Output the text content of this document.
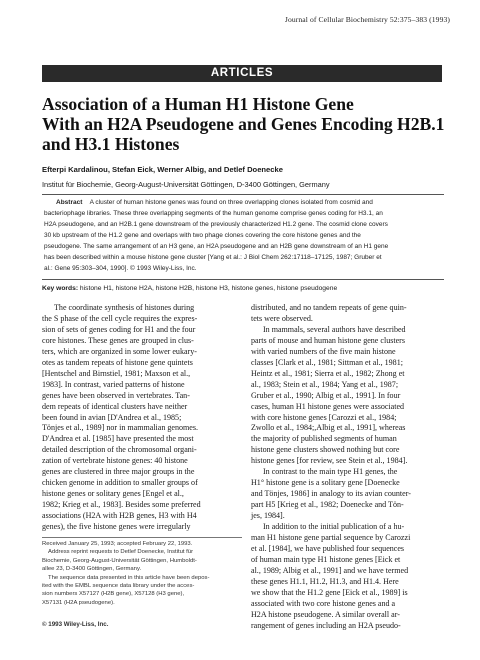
Journal of Cellular Biochemistry 52:375–383 (1993)
ARTICLES
Association of a Human H1 Histone Gene
With an H2A Pseudogene and Genes Encoding H2B.1
and H3.1 Histones
Efterpi Kardalinou, Stefan Eick, Werner Albig, and Detlef Doenecke
Institut für Biochemie, Georg-August-Universität Göttingen, D-3400 Göttingen, Germany
Abstract A cluster of human histone genes was found on three overlapping clones isolated from cosmid and
bacteriophage libraries. These three overlapping segments of the human genome comprise genes coding for H3.1, an
H2A pseudogene, and an H2B.1 gene downstream of the previously characterized H1.2 gene. The cosmid clone covers
30 kb upstream of the H1.2 gene and overlaps with two phage clones covering the core histone genes and the
pseudogene. The same arrangement of an H3 gene, an H2A pseudogene and an H2B gene downstream of an H1 gene
has been described within a mouse histone gene cluster [Yang et al.: J Biol Chem 262:17118–17125, 1987; Gruber et
al.: Gene 95:303–304, 1990]. © 1993 Wiley-Liss, Inc.
Key words: histone H1, histone H2A, histone H2B, histone H3, histone genes, histone pseudogene
The coordinate synthesis of histones during
the S phase of the cell cycle requires the expres-
sion of sets of genes coding for H1 and the four
core histones. These genes are grouped in clus-
ters, which are organized in some lower eukary-
otes as tandem repeats of histone gene quintets
[Hentschel and Birnstiel, 1981; Maxson et al.,
1983]. In contrast, varied patterns of histone
genes have been observed in vertebrates. Tan-
dem repeats of identical clusters have neither
been found in avian [D'Andrea et al., 1985;
Tönjes et al., 1989] nor in mammalian genomes.
D'Andrea et al. [1985] have presented the most
detailed description of the chromosomal organi-
zation of vertebrate histone genes: 40 histone
genes are clustered in three major groups in the
chicken genome in addition to smaller groups of
histone genes or solitary genes [Engel et al.,
1982; Krieg et al., 1983]. Besides some preferred
associations (H2A with H2B genes, H3 with H4
genes), the five histone genes were irregularly
distributed, and no tandem repeats of gene quin-
tets were observed.
In mammals, several authors have described
parts of mouse and human histone gene clusters
with varied numbers of the five main histone
classes [Clark et al., 1981; Sittman et al., 1981;
Heintz et al., 1981; Sierra et al., 1982; Zhong et
al., 1983; Stein et al., 1984; Yang et al., 1987;
Gruber et al., 1990; Albig et al., 1991]. In four
cases, human H1 histone genes were associated
with core histone genes [Carozzi et al., 1984;
Zwollo et al., 1984;,Albig et al., 1991], whereas
the majority of published segments of human
histone gene clusters showed nothing but core
histone genes [for review, see Stein et al., 1984].
In contrast to the main type H1 genes, the
H1° histone gene is a solitary gene [Doenecke
and Tönjes, 1986] in analogy to its avian counter-
part H5 [Krieg et al., 1982; Doenecke and Tön-
jes, 1984].
In addition to the initial publication of a hu-
man H1 histone gene partial sequence by Carozzi
et al. [1984], we have published four sequences
of human main type H1 histone genes [Eick et
al., 1989; Albig et al., 1991] and we have termed
these genes H1.1, H1.2, H1.3, and H1.4. Here
we show that the H1.2 gene [Eick et al., 1989] is
associated with two core histone genes and a
H2A histone pseudogene. A similar overall ar-
rangement of genes including an H2A pseudo-
Received January 25, 1993; accepted February 22, 1993.
Address reprint requests to Detlef Doenecke, Institut für
Biochemie, Georg-August-Universität Göttingen, Humboldt-
allee 23, D-3400 Göttingen, Germany.
The sequence data presented in this article have been depos-
ited with the EMBL sequence data library under the acces-
sion numbers X57127 (H2B gene), X57128 (H3 gene),
X57131 (H2A pseudogene).
© 1993 Wiley-Liss, Inc.
